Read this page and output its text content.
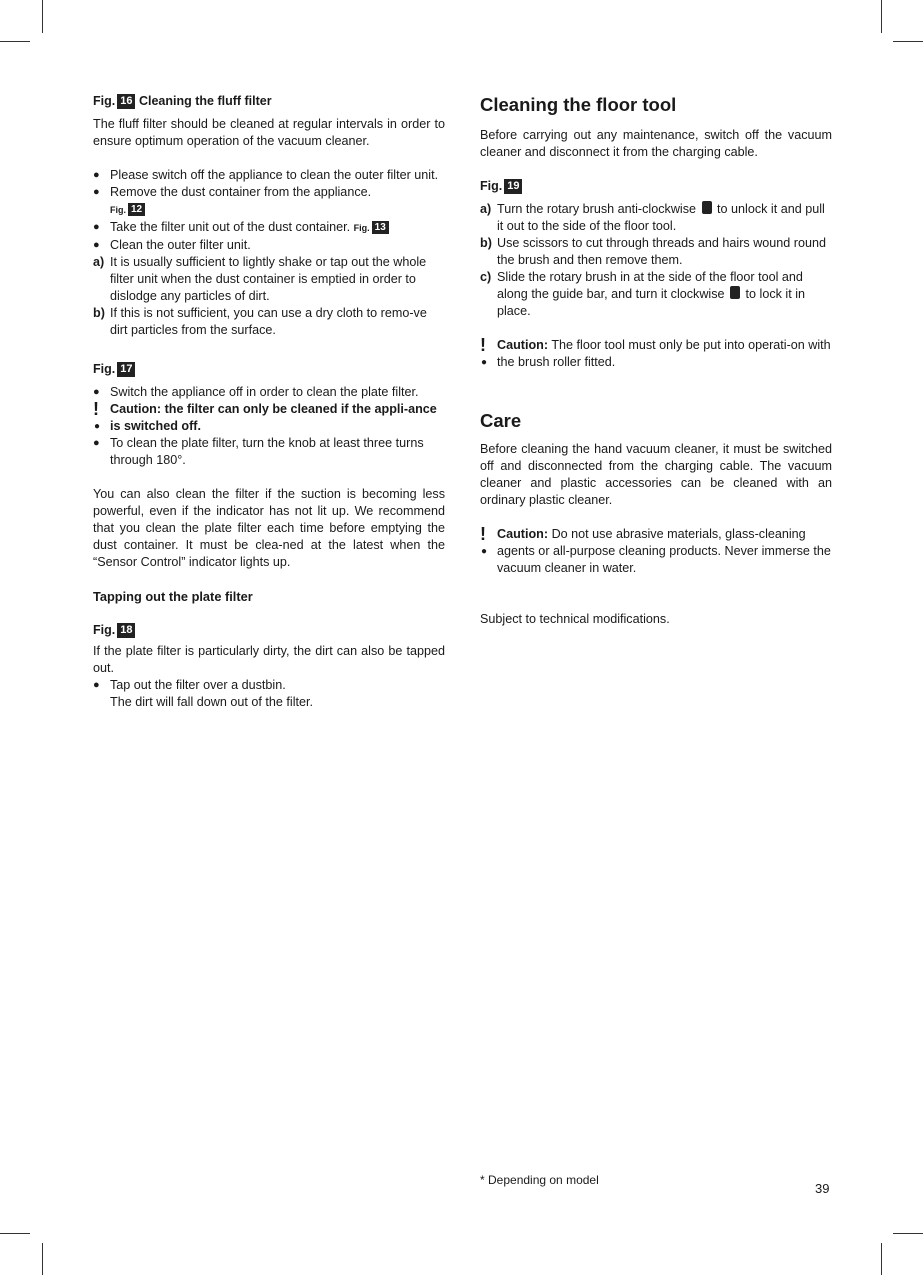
Fig. 16 Cleaning the fluff filter

The fluff filter should be cleaned at regular intervals in order to ensure optimum operation of the vacuum cleaner.

● Please switch off the appliance to clean the outer filter unit.
● Remove the dust container from the appliance.
Fig. 12
● Take the filter unit out of the dust container. Fig. 13
● Clean the outer filter unit.
a) It is usually sufficient to lightly shake or tap out the whole filter unit when the dust container is emptied in order to dislodge any particles of dirt.
b) If this is not sufficient, you can use a dry cloth to remo-ve dirt particles from the surface.
Fig. 17
● Switch the appliance off in order to clean the plate filter.
!
●
Caution: the filter can only be cleaned if the appli-ance is switched off.
● To clean the plate filter, turn the knob at least three turns through 180°.

You can also clean the filter if the suction is becoming less powerful, even if the indicator has not lit up. We recommend that you clean the plate filter each time before emptying the dust container. It must be clea-ned at the latest when the “Sensor Control” indicator lights up.

Tapping out the plate filter
Fig. 18

If the plate filter is particularly dirty, the dirt can also be tapped out.

● Tap out the filter over a dustbin.
The dirt will fall down out of the filter.
Cleaning the floor tool

Before carrying out any maintenance, switch off the vacuum cleaner and disconnect it from the charging cable.

Fig. 19
a) Turn the rotary brush anti-clockwise to unlock it and pull it out to the side of the floor tool.
b) Use scissors to cut through threads and hairs wound round the brush and then remove them.
c) Slide the rotary brush in at the side of the floor tool and along the guide bar, and turn it clockwise to lock it in place.
!
●
Caution: The floor tool must only be put into operati-on with the brush roller fitted.
Care

Before cleaning the hand vacuum cleaner, it must be switched off and disconnected from the charging cable. The vacuum cleaner and plastic accessories can be cleaned with an ordinary plastic cleaner.

!
●
Caution: Do not use abrasive materials, glass-cleaning agents or all-purpose cleaning products. Never immerse the vacuum cleaner in water.

Subject to technical modifications.

* Depending on model
39
